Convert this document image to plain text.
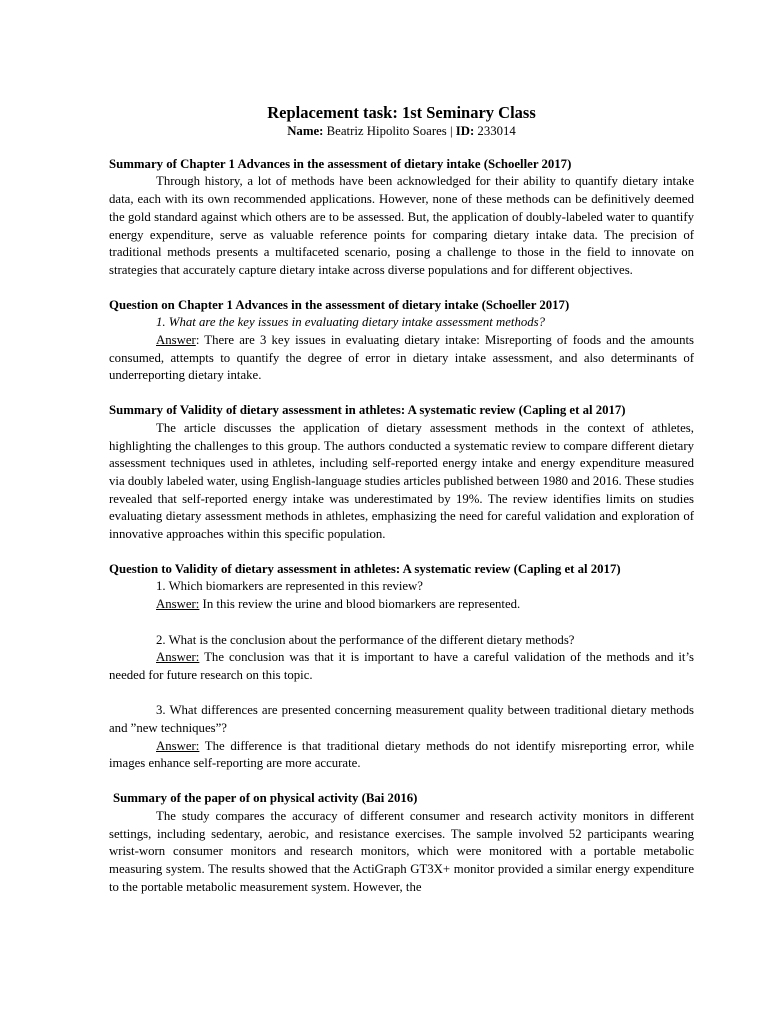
Replacement task: 1st Seminary Class

Name: Beatriz Hipolito Soares | ID: 233014

Summary of Chapter 1 Advances in the assessment of dietary intake (Schoeller 2017)

Through history, a lot of methods have been acknowledged for their ability to quantify dietary intake data, each with its own recommended applications. However, none of these methods can be definitively deemed the gold standard against which others are to be assessed. But, the application of doubly-labeled water to quantify energy expenditure, serve as valuable reference points for comparing dietary intake data. The precision of traditional methods presents a multifaceted scenario, posing a challenge to those in the field to innovate on strategies that accurately capture dietary intake across diverse populations and for different objectives.

Question on Chapter 1 Advances in the assessment of dietary intake (Schoeller 2017)

1. What are the key issues in evaluating dietary intake assessment methods?

Answer: There are 3 key issues in evaluating dietary intake: Misreporting of foods and the amounts consumed, attempts to quantify the degree of error in dietary intake assessment, and also determinants of underreporting dietary intake.

Summary of Validity of dietary assessment in athletes: A systematic review (Capling et al 2017)

The article discusses the application of dietary assessment methods in the context of athletes, highlighting the challenges to this group. The authors conducted a systematic review to compare different dietary assessment techniques used in athletes, including self-reported energy intake and energy expenditure measured via doubly labeled water, using English-language studies articles published between 1980 and 2016. These studies revealed that self-reported energy intake was underestimated by 19%. The review identifies limits on studies evaluating dietary assessment methods in athletes, emphasizing the need for careful validation and exploration of innovative approaches within this specific population.

Question to Validity of dietary assessment in athletes: A systematic review (Capling et al 2017)

1. Which biomarkers are represented in this review?

Answer: In this review the urine and blood biomarkers are represented.

2. What is the conclusion about the performance of the different dietary methods?

Answer: The conclusion was that it is important to have a careful validation of the methods and it’s needed for future research on this topic.

3. What differences are presented concerning measurement quality between traditional dietary methods and ”new techniques”?

Answer: The difference is that traditional dietary methods do not identify misreporting error, while images enhance self-reporting are more accurate.

Summary of the paper of on physical activity (Bai 2016)

The study compares the accuracy of different consumer and research activity monitors in different settings, including sedentary, aerobic, and resistance exercises. The sample involved 52 participants wearing wrist-worn consumer monitors and research monitors, which were monitored with a portable metabolic measuring system. The results showed that the ActiGraph GT3X+ monitor provided a similar energy expenditure to the portable metabolic measurement system. However, the
